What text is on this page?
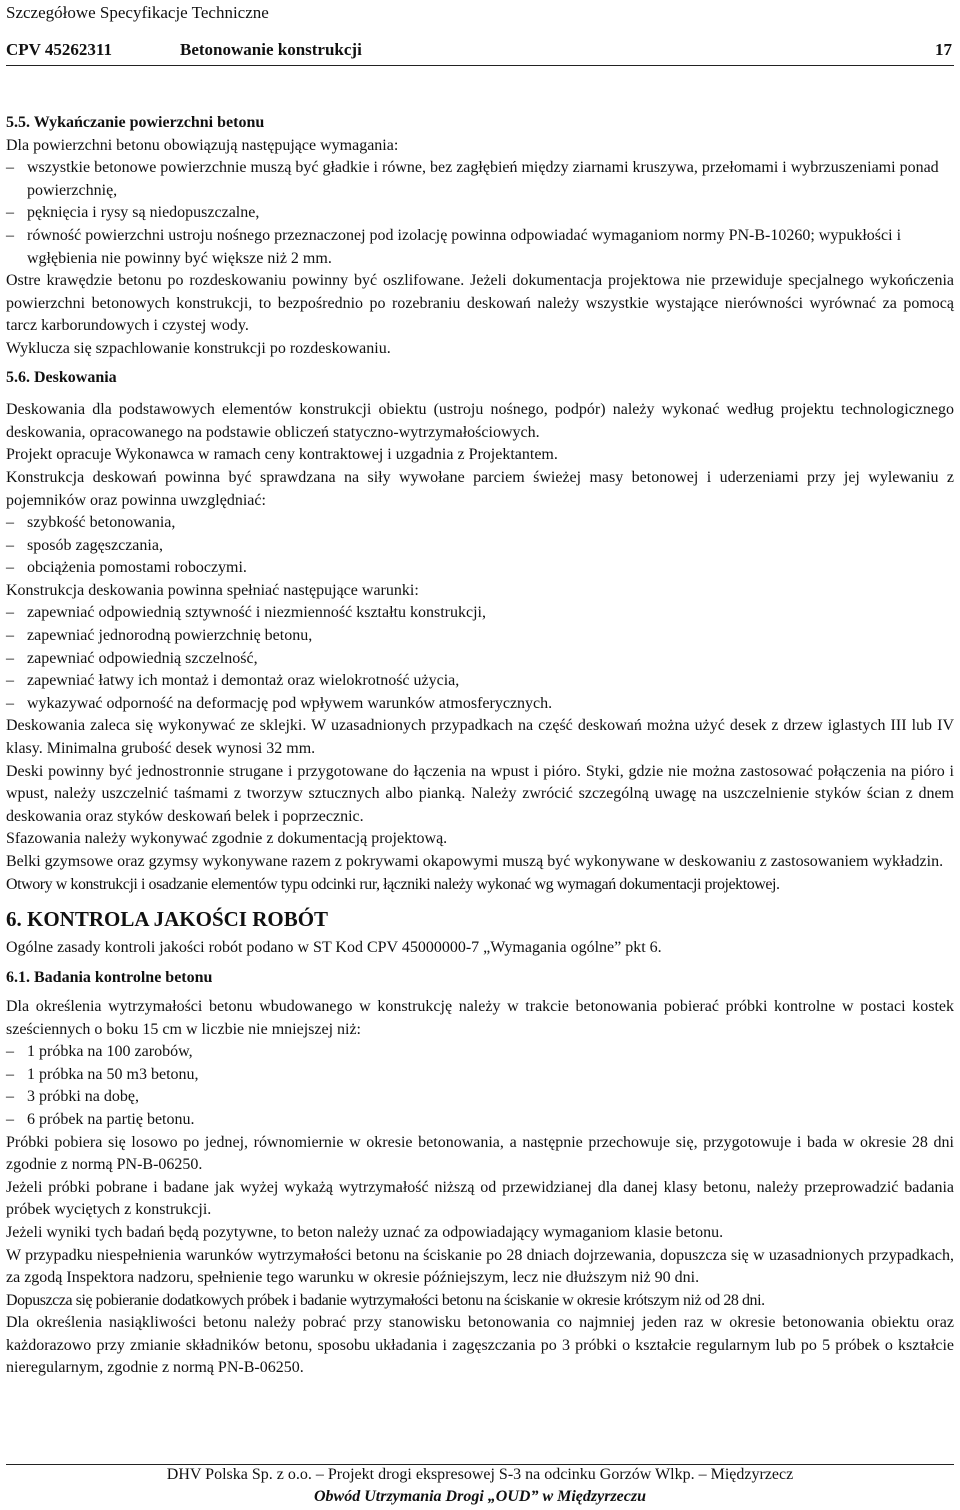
Szczegółowe Specyfikacje Techniczne
CPV 45262311	Betonowanie konstrukcji	17
5.5. Wykańczanie powierzchni betonu

Dla powierzchni betonu obowiązują następujące wymagania:

– wszystkie betonowe powierzchnie muszą być gładkie i równe, bez zagłębień między ziarnami kruszywa, przełomami i wybrzuszeniami ponad powierzchnię,

– pęknięcia i rysy są niedopuszczalne,

– równość powierzchni ustroju nośnego przeznaczonej pod izolację powinna odpowiadać wymaganiom normy PN-B-10260; wypukłości i wgłębienia nie powinny być większe niż 2 mm.

Ostre krawędzie betonu po rozdeskowaniu powinny być oszlifowane. Jeżeli dokumentacja projektowa nie przewiduje specjalnego wykończenia powierzchni betonowych konstrukcji, to bezpośrednio po rozebraniu deskowań należy wszystkie wystające nierówności wyrównać za pomocą tarcz karborundowych i czystej wody.

Wyklucza się szpachlowanie konstrukcji po rozdeskowaniu.

5.6. Deskowania

Deskowania dla podstawowych elementów konstrukcji obiektu (ustroju nośnego, podpór) należy wykonać według projektu technologicznego deskowania, opracowanego na podstawie obliczeń statyczno-wytrzymałościowych.

Projekt opracuje Wykonawca w ramach ceny kontraktowej i uzgadnia z Projektantem.

Konstrukcja deskowań powinna być sprawdzana na siły wywołane parciem świeżej masy betonowej i uderzeniami przy jej wylewaniu z pojemników oraz powinna uwzględniać:

– szybkość betonowania,

– sposób zagęszczania,

– obciążenia pomostami roboczymi.

Konstrukcja deskowania powinna spełniać następujące warunki:

– zapewniać odpowiednią sztywność i niezmienność kształtu konstrukcji,

– zapewniać jednorodną powierzchnię betonu,

– zapewniać odpowiednią szczelność,

– zapewniać łatwy ich montaż i demontaż oraz wielokrotność użycia,

– wykazywać odporność na deformację pod wpływem warunków atmosferycznych.

Deskowania zaleca się wykonywać ze sklejki. W uzasadnionych przypadkach na część deskowań można użyć desek z drzew iglastych III lub IV klasy. Minimalna grubość desek wynosi 32 mm.

Deski powinny być jednostronnie strugane i przygotowane do łączenia na wpust i pióro. Styki, gdzie nie można zastosować połączenia na pióro i wpust, należy uszczelnić taśmami z tworzyw sztucznych albo pianką. Należy zwrócić szczególną uwagę na uszczelnienie styków ścian z dnem deskowania oraz styków deskowań belek i poprzecznic.

Sfazowania należy wykonywać zgodnie z dokumentacją projektową.

Belki gzymsowe oraz gzymsy wykonywane razem z pokrywami okapowymi muszą być wykonywane w deskowaniu z zastosowaniem wykładzin.

Otwory w konstrukcji i osadzanie elementów typu odcinki rur, łączniki należy wykonać wg wymagań dokumentacji projektowej.

6. KONTROLA JAKOŚCI ROBÓT

Ogólne zasady kontroli jakości robót podano w ST Kod CPV 45000000-7 „Wymagania ogólne” pkt 6.

6.1. Badania kontrolne betonu

Dla określenia wytrzymałości betonu wbudowanego w konstrukcję należy w trakcie betonowania pobierać próbki kontrolne w postaci kostek sześciennych o boku 15 cm w liczbie nie mniejszej niż:

– 1 próbka na 100 zarobów,

– 1 próbka na 50 m3 betonu,

– 3 próbki na dobę,

– 6 próbek na partię betonu.

Próbki pobiera się losowo po jednej, równomiernie w okresie betonowania, a następnie przechowuje się, przygotowuje i bada w okresie 28 dni zgodnie z normą PN-B-06250.

Jeżeli próbki pobrane i badane jak wyżej wykażą wytrzymałość niższą od przewidzianej dla danej klasy betonu, należy przeprowadzić badania próbek wyciętych z konstrukcji.

Jeżeli wyniki tych badań będą pozytywne, to beton należy uznać za odpowiadający wymaganiom klasie betonu.

W przypadku niespełnienia warunków wytrzymałości betonu na ściskanie po 28 dniach dojrzewania, dopuszcza się w uzasadnionych przypadkach, za zgodą Inspektora nadzoru, spełnienie tego warunku w okresie późniejszym, lecz nie dłuższym niż 90 dni.

Dopuszcza się pobieranie dodatkowych próbek i badanie wytrzymałości betonu na ściskanie w okresie krótszym niż od 28 dni.

Dla określenia nasiąkliwości betonu należy pobrać przy stanowisku betonowania co najmniej jeden raz w okresie betonowania obiektu oraz każdorazowo przy zmianie składników betonu, sposobu układania i zagęszczania po 3 próbki o kształcie regularnym lub po 5 próbek o kształcie nieregularnym, zgodnie z normą PN-B-06250.

DHV Polska Sp. z o.o. – Projekt drogi ekspresowej S-3 na odcinku Gorzów Wlkp. – Międzyrzecz
Obwód Utrzymania Drogi „OUD” w Międzyrzeczu
